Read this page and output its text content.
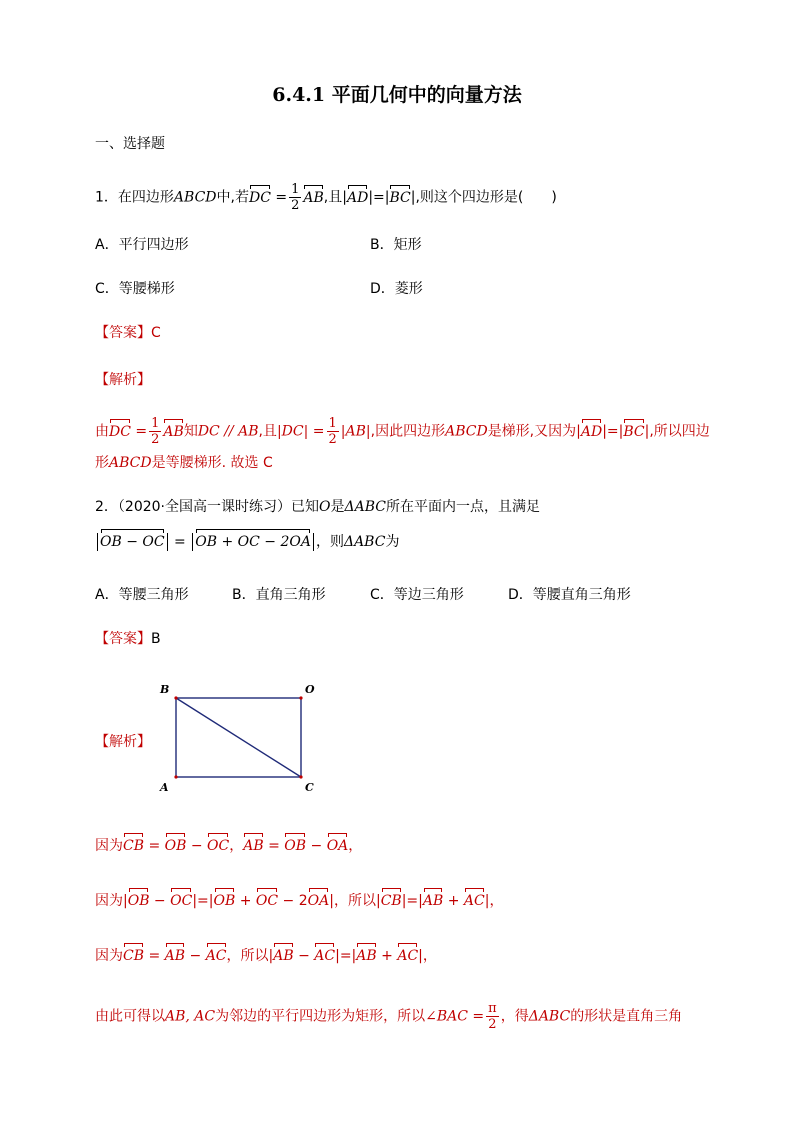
6.4.1 平面几何中的向量方法
一、选择题
1．在四边形ABCD中,若DC = $\frac{1}{2}$ AB,且|AD|=|BC|,则这个四边形是(　　)
A．平行四边形	B．矩形
C．等腰梯形	D．菱形
【答案】C
【解析】
由DC = $\frac{1}{2}$ AB知DC // AB,且$|DC| = \frac{1}{2} |AB|$,因此四边形ABCD是梯形,又因为|AD|=|BC|,所以四边
形ABCD是等腰梯形. 故选 C
2．（2020·全国高一课时练习）已知O是ΔABC所在平面内一点，且满足
OB − OC = OB + OC − 2OA ，则ΔABC为
A．等腰三角形	B．直角三角形	C．等边三角形	D．等腰直角三角形
【答案】B
【解析】
B	O
A	C
因为CB = OB − OC，AB = OB − OA，
因为|OB − OC|=|OB + OC − 2OA|，所以|CB|=|AB + AC|，
因为CB = AB − AC，所以|AB − AC|=|AB + AC|，
由此可得以AB, AC为邻边的平行四边形为矩形，所以∠BAC = $\frac{\pi}{2}$ ，得ΔABC的形状是直角三角
